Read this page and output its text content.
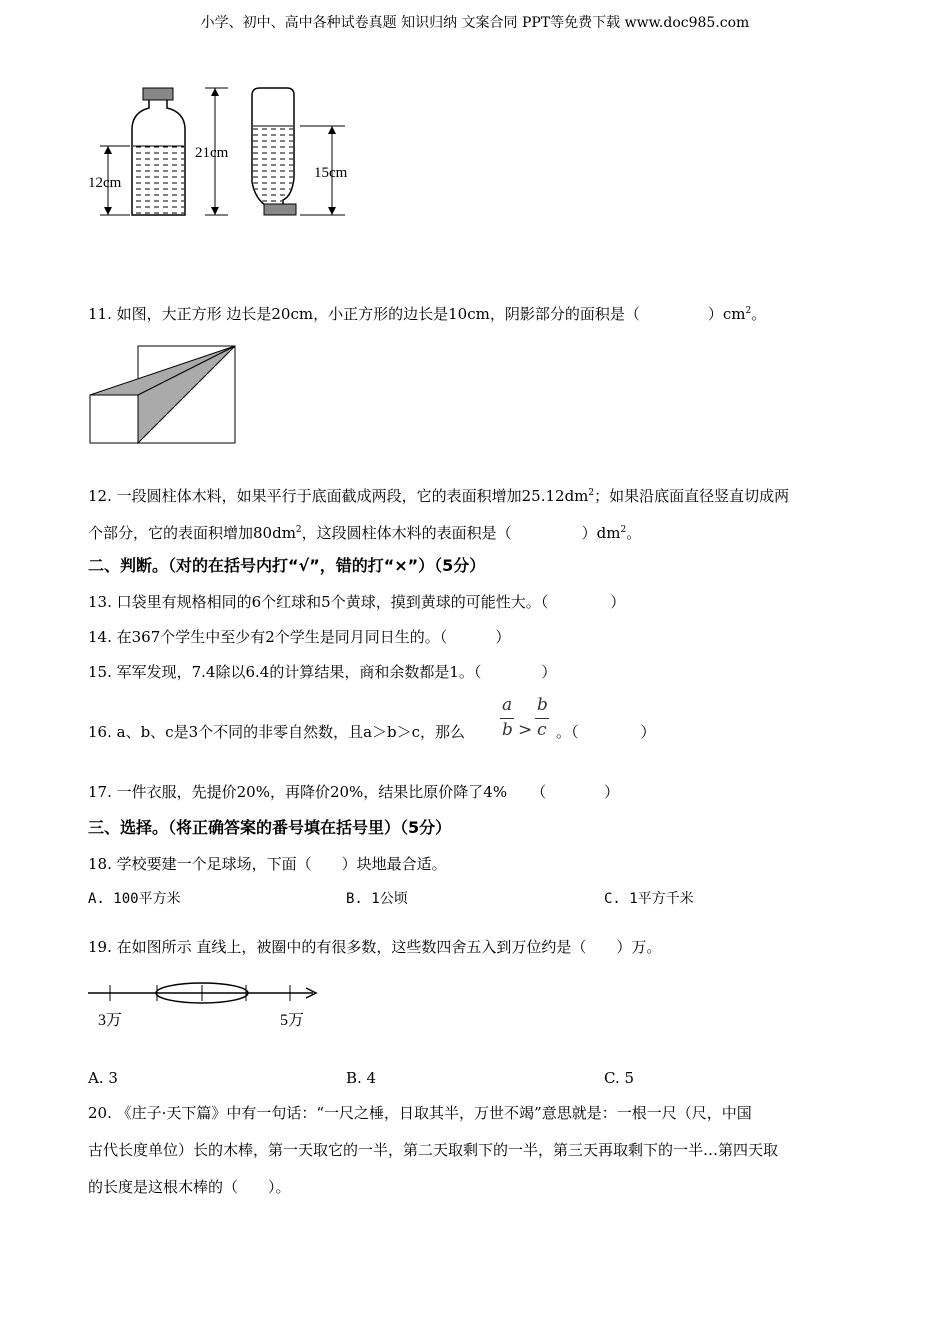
小学、初中、高中各种试卷真题 知识归纳 文案合同 PPT等免费下载 www.doc985.com
12cm
21cm
15cm
11. 如图，大正方形 边长是20cm，小正方形的边长是10cm，阴影部分的面积是（	）$cm^2$。
12. 一段圆柱体木料，如果平行于底面截成两段，它的表面积增加$25.12dm^2$；如果沿底面直径竖直切成两
个部分，它的表面积增加$80dm^2$，这段圆柱体木料的表面积是（	）$dm^2$。
二、判断。（对的在括号内打“√”，错的打“×”）（5分）
13. 口袋里有规格相同的6个红球和5个黄球，摸到黄球的可能性大。（	）
14. 在367个学生中至少有2个学生是同月同日生的。（	）
15. 军军发现，7.4除以6.4的计算结果，商和余数都是1。（	）
16. a、b、c是3个不同的非零自然数，且a＞b＞c，那么
a
b >
b
c 。（	）
17. 一件衣服，先提价20%，再降价20%，结果比原价降了4% （	）
三、选择。（将正确答案的番号填在括号里）（5分）
18. 学校要建一个足球场，下面（　　）块地最合适。
A. 100平方米	B. 1公顷	C. 1平方千米
19. 在如图所示 直线上，被圈中的有很多数，这些数四舍五入到万位约是（　　）万。
3万	5万
A. 3	B. 4	C. 5
20. 《庄子·天下篇》中有一句话：“一尺之棰，日取其半，万世不竭”意思就是：一根一尺（尺，中国
古代长度单位）长的木棒，第一天取它的一半，第二天取剩下的一半，第三天再取剩下的一半…第四天取
的长度是这根木棒的（　　）。
